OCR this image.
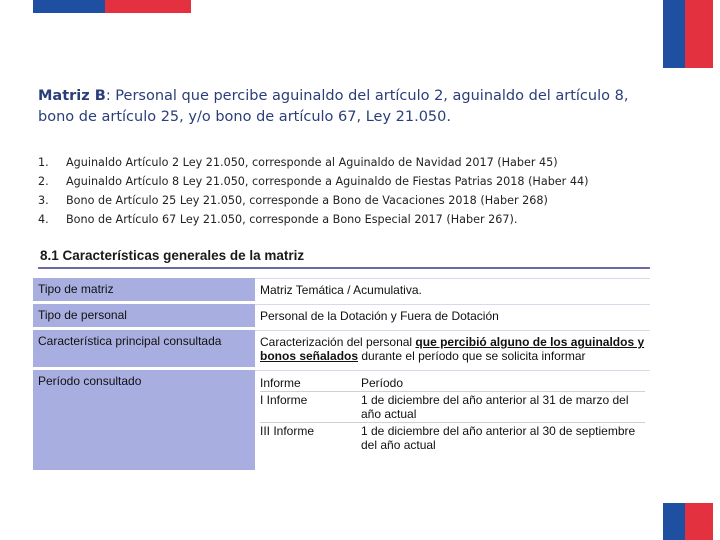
Matriz B: Personal que percibe aguinaldo del artículo 2, aguinaldo del artículo 8, bono de artículo 25, y/o bono de artículo 67, Ley 21.050.
1. Aguinaldo Artículo 2 Ley 21.050, corresponde al Aguinaldo de Navidad 2017 (Haber 45)
2. Aguinaldo Artículo 8 Ley 21.050, corresponde a Aguinaldo de Fiestas Patrias 2018 (Haber 44)
3. Bono de Artículo 25 Ley 21.050, corresponde a Bono de Vacaciones 2018 (Haber 268)
4. Bono de Artículo 67 Ley 21.050, corresponde a Bono Especial 2017 (Haber 267).
8.1 Características generales de la matriz
Tipo de matriz	Matriz Temática / Acumulativa.
Tipo de personal	Personal de la Dotación y Fuera de Dotación
Característica principal consultada	Caracterización del personal que percibió alguno de los aguinaldos y bonos señalados durante el período que se solicita informar
Período consultado		Informe	Período
I Informe	1 de diciembre del año anterior al 31 de marzo del año actual
III Informe	1 de diciembre del año anterior al 30 de septiembre del año actual
